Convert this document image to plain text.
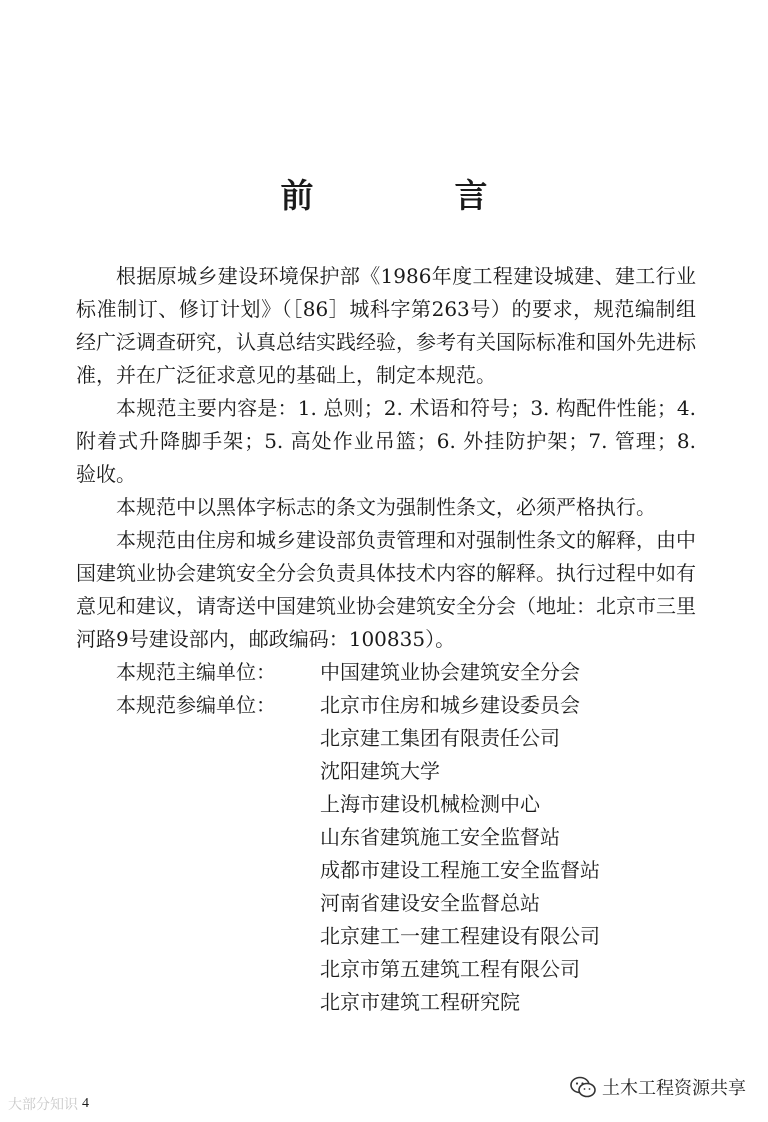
前　言

根据原城乡建设环境保护部《1986年度工程建设城建、建工行业标准制订、修订计划》（［86］城科字第263号）的要求，规范编制组经广泛调查研究，认真总结实践经验，参考有关国际标准和国外先进标准，并在广泛征求意见的基础上，制定本规范。

本规范主要内容是：1. 总则；2. 术语和符号；3. 构配件性能；4. 附着式升降脚手架；5. 高处作业吊篮；6. 外挂防护架；7. 管理；8. 验收。

本规范中以黑体字标志的条文为强制性条文，必须严格执行。

本规范由住房和城乡建设部负责管理和对强制性条文的解释，由中国建筑业协会建筑安全分会负责具体技术内容的解释。执行过程中如有意见和建议，请寄送中国建筑业协会建筑安全分会（地址：北京市三里河路9号建设部内，邮政编码：100835）。

本规范主编单位：	中国建筑业协会建筑安全分会
本规范参编单位：	北京市住房和城乡建设委员会
北京建工集团有限责任公司
沈阳建筑大学
上海市建设机械检测中心
山东省建筑施工安全监督站
成都市建设工程施工安全监督站
河南省建设安全监督总站
北京建工一建工程建设有限公司
北京市第五建筑工程有限公司
北京市建筑工程研究院
大部分知识 4
土木工程资源共享
